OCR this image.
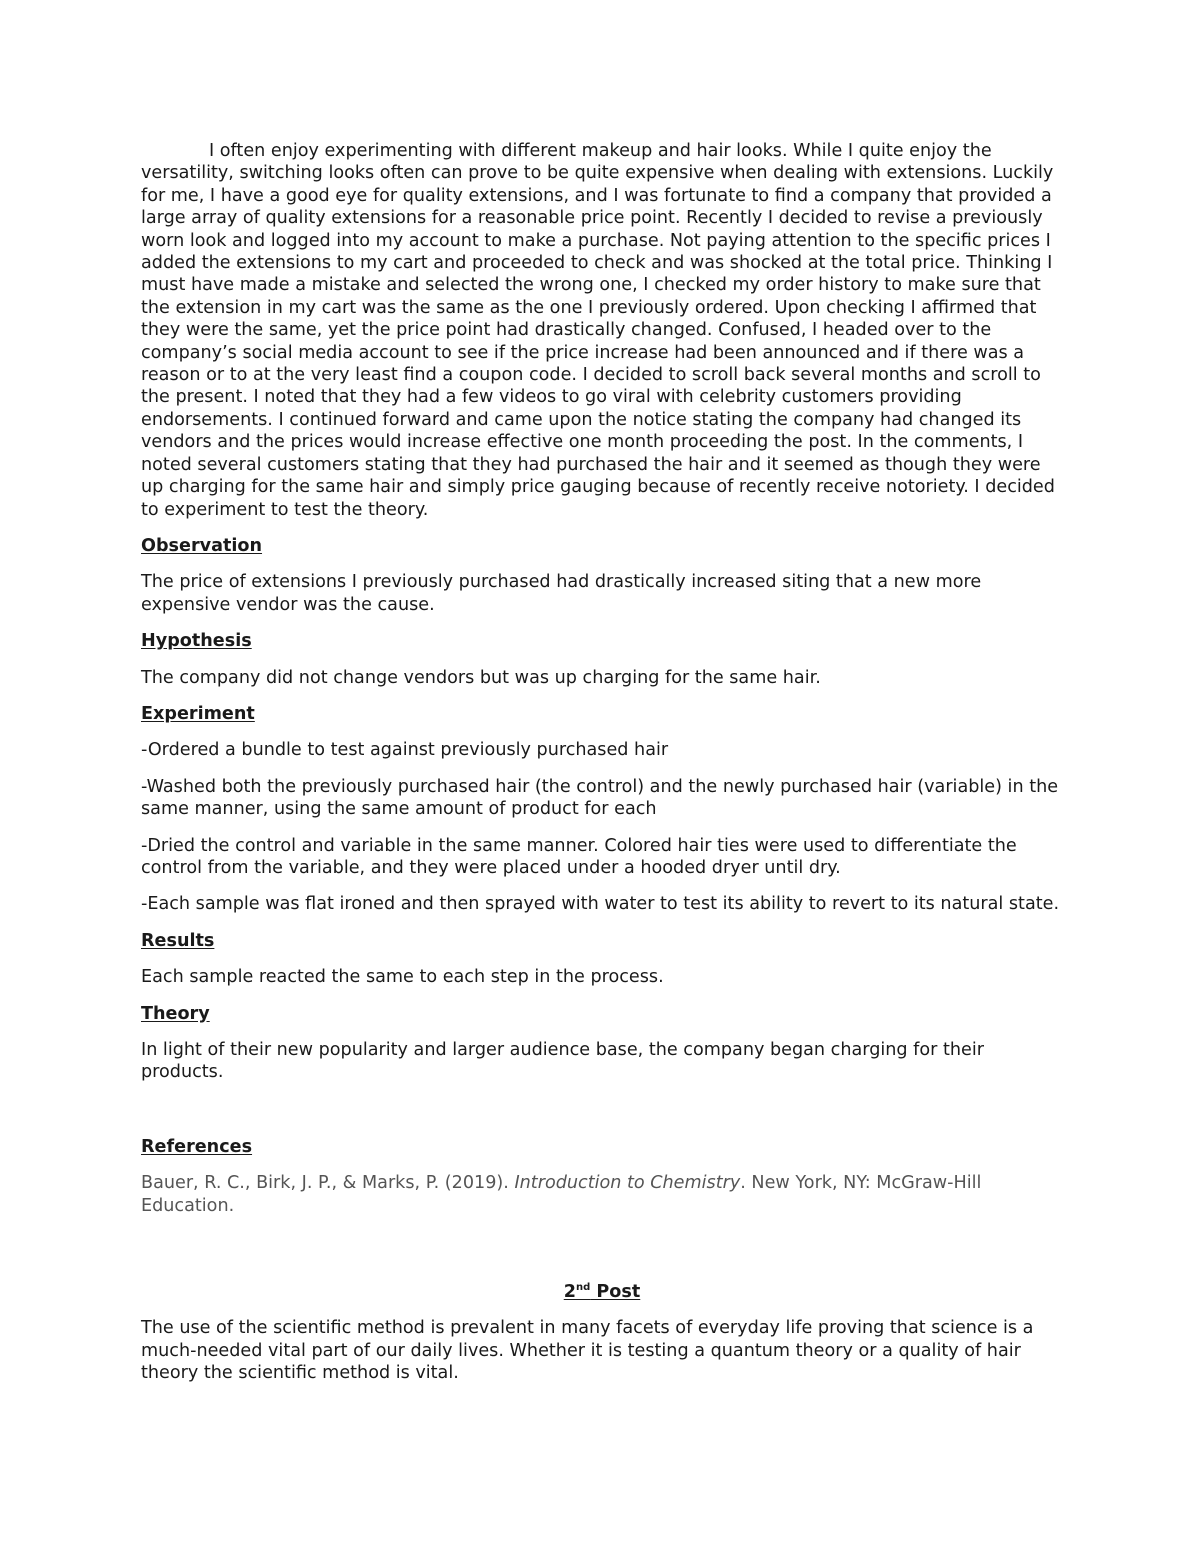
I often enjoy experimenting with different makeup and hair looks. While I quite enjoy the versatility, switching looks often can prove to be quite expensive when dealing with extensions. Luckily for me, I have a good eye for quality extensions, and I was fortunate to find a company that provided a large array of quality extensions for a reasonable price point. Recently I decided to revise a previously worn look and logged into my account to make a purchase. Not paying attention to the specific prices I added the extensions to my cart and proceeded to check and was shocked at the total price. Thinking I must have made a mistake and selected the wrong one, I checked my order history to make sure that the extension in my cart was the same as the one I previously ordered. Upon checking I affirmed that they were the same, yet the price point had drastically changed. Confused, I headed over to the company’s social media account to see if the price increase had been announced and if there was a reason or to at the very least find a coupon code. I decided to scroll back several months and scroll to the present. I noted that they had a few videos to go viral with celebrity customers providing endorsements. I continued forward and came upon the notice stating the company had changed its vendors and the prices would increase effective one month proceeding the post. In the comments, I noted several customers stating that they had purchased the hair and it seemed as though they were up charging for the same hair and simply price gauging because of recently receive notoriety. I decided to experiment to test the theory.

Observation

The price of extensions I previously purchased had drastically increased siting that a new more expensive vendor was the cause.

Hypothesis

The company did not change vendors but was up charging for the same hair.

Experiment

-Ordered a bundle to test against previously purchased hair

-Washed both the previously purchased hair (the control) and the newly purchased hair (variable) in the same manner, using the same amount of product for each

-Dried the control and variable in the same manner. Colored hair ties were used to differentiate the control from the variable, and they were placed under a hooded dryer until dry.

-Each sample was flat ironed and then sprayed with water to test its ability to revert to its natural state.

Results

Each sample reacted the same to each step in the process.

Theory

In light of their new popularity and larger audience base, the company began charging for their products.

References

Bauer, R. C., Birk, J. P., & Marks, P. (2019). Introduction to Chemistry. New York, NY: McGraw-Hill Education.

2nd Post

The use of the scientific method is prevalent in many facets of everyday life proving that science is a much-needed vital part of our daily lives. Whether it is testing a quantum theory or a quality of hair theory the scientific method is vital.
